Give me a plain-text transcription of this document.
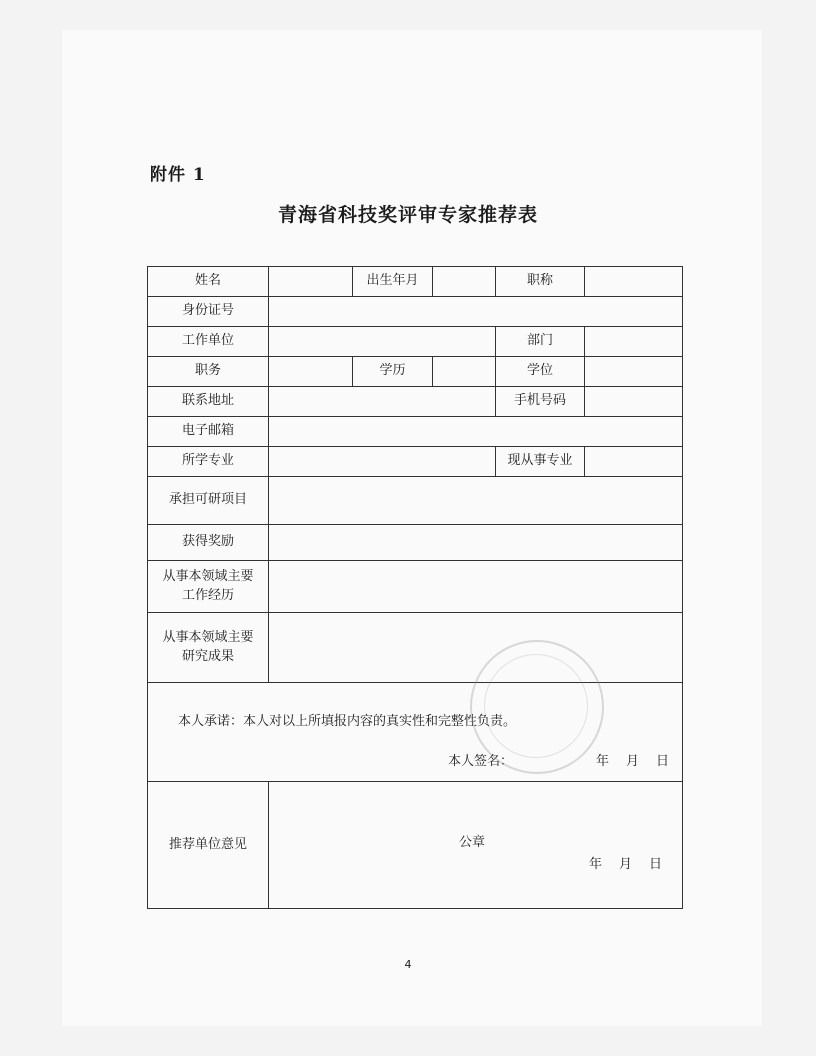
附件 1
青海省科技奖评审专家推荐表
姓名		出生年月		职称	
身份证号					
工作单位				部门	
职务		学历		学位	
联系地址				手机号码	
电子邮箱					
所学专业				现从事专业	
承担可研项目					
获得奖励					

从事本领域主要
工作经历					

从事本领域主要
研究成果					

本人承诺：本人对以上所填报内容的真实性和完整性负责。
本人签名： 年　月　日					

推荐单位意见	公章
年　月　日				
4
